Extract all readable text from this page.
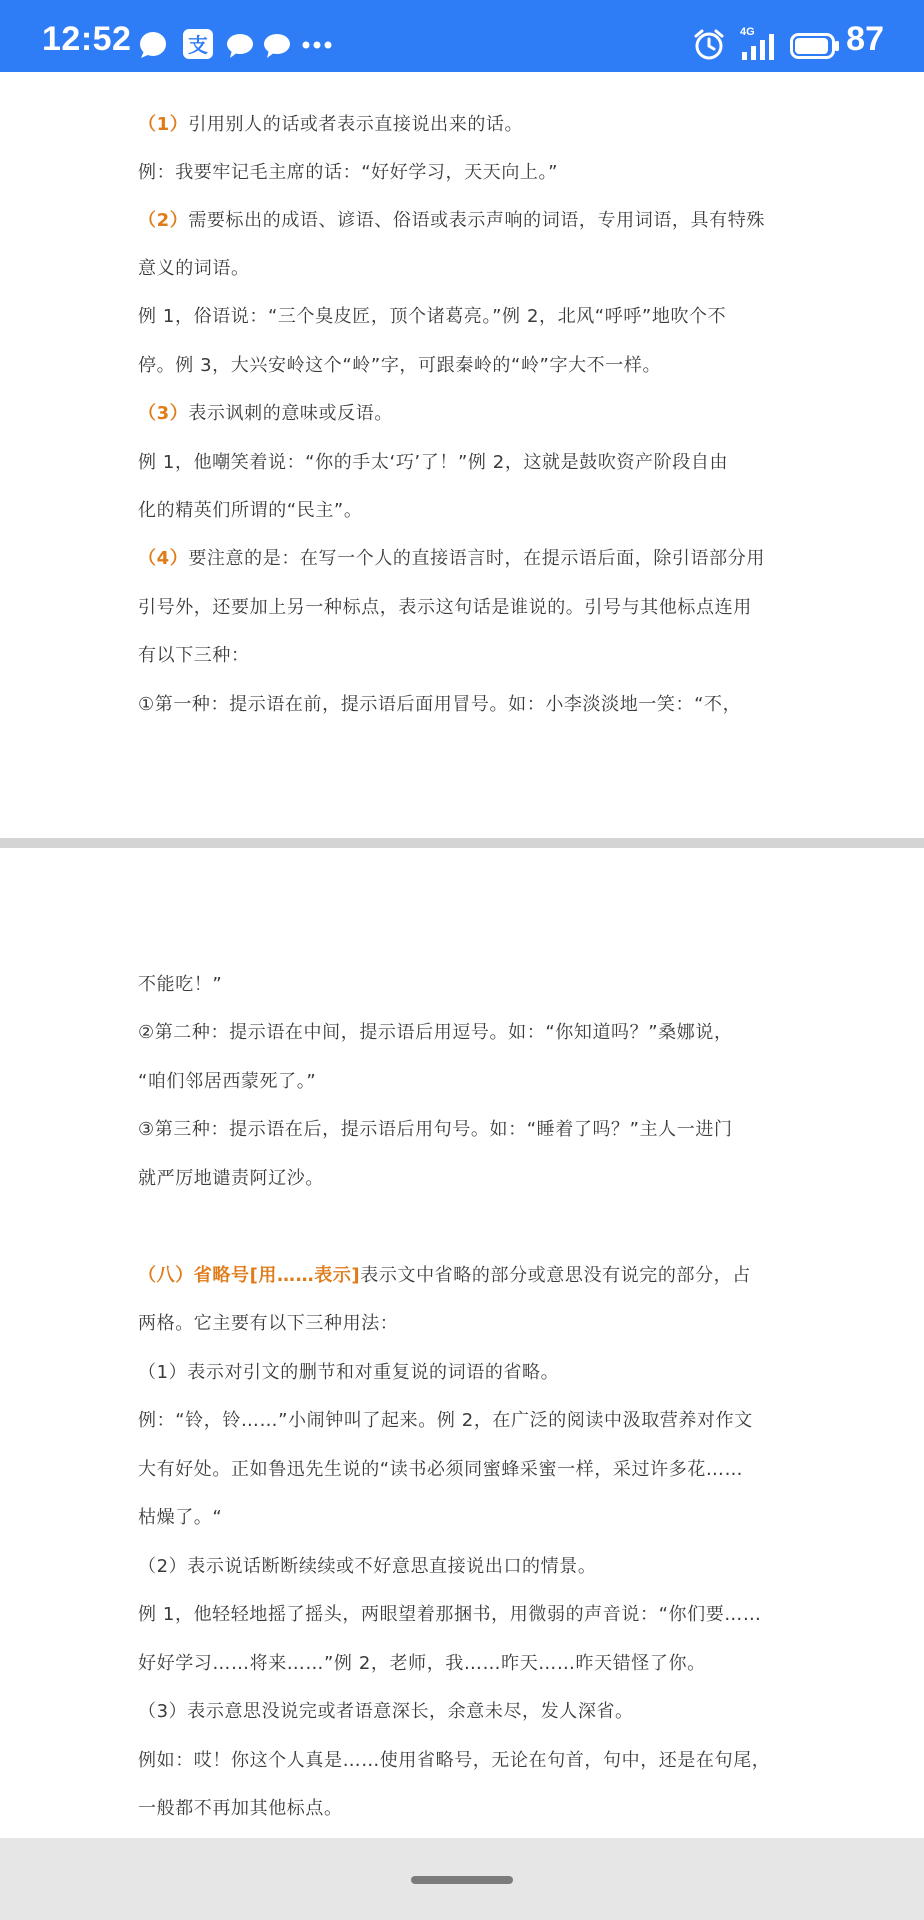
12:52	支
4G	87
（1）引用别人的话或者表示直接说出来的话。
例：我要牢记毛主席的话：“好好学习，天天向上。”
（2）需要标出的成语、谚语、俗语或表示声响的词语，专用词语，具有特殊
意义的词语。
例 1，俗语说：“三个臭皮匠，顶个诸葛亮。”例 2，北风“呼呼”地吹个不
停。例 3，大兴安岭这个“岭”字，可跟秦岭的“岭”字大不一样。
（3）表示讽刺的意味或反语。
例 1，他嘲笑着说：“你的手太‘巧’了！”例 2，这就是鼓吹资产阶段自由
化的精英们所谓的“民主”。
（4）要注意的是：在写一个人的直接语言时，在提示语后面，除引语部分用
引号外，还要加上另一种标点，表示这句话是谁说的。引号与其他标点连用
有以下三种：
①第一种：提示语在前，提示语后面用冒号。如：小李淡淡地一笑：“不，
不能吃！”
②第二种：提示语在中间，提示语后用逗号。如：“你知道吗？”桑娜说，
“咱们邻居西蒙死了。”
③第三种：提示语在后，提示语后用句号。如：“睡着了吗？”主人一进门
就严厉地谴责阿辽沙。
（八）省略号[用……表示]表示文中省略的部分或意思没有说完的部分，占
两格。它主要有以下三种用法：
（1）表示对引文的删节和对重复说的词语的省略。
例：“铃，铃……”小闹钟叫了起来。例 2，在广泛的阅读中汲取营养对作文
大有好处。正如鲁迅先生说的“读书必须同蜜蜂采蜜一样，采过许多花……
枯燥了。“
（2）表示说话断断续续或不好意思直接说出口的情景。
例 1，他轻轻地摇了摇头，两眼望着那捆书，用微弱的声音说：“你们要……
好好学习……将来……”例 2，老师，我……昨天……昨天错怪了你。
（3）表示意思没说完或者语意深长，余意未尽，发人深省。
例如：哎！你这个人真是……使用省略号，无论在句首，句中，还是在句尾，
一般都不再加其他标点。
